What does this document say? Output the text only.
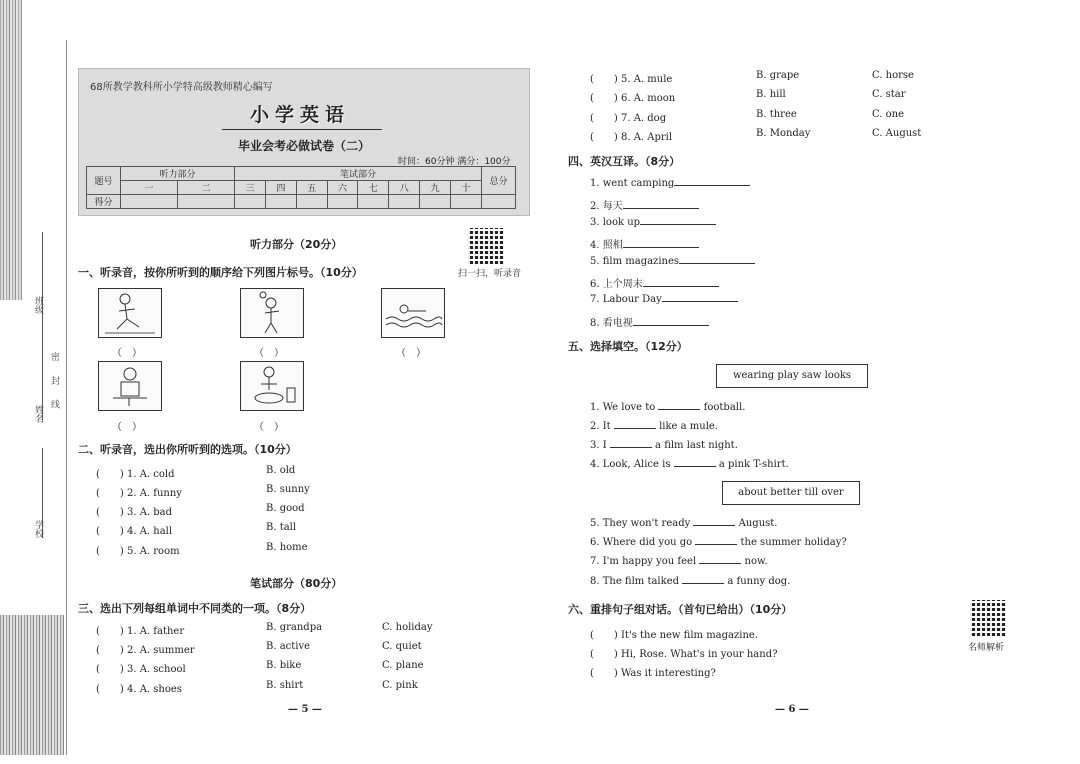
班级
密 封 线
姓名
学校
68所教学教科所小学特高级教师精心编写
小学英语
毕业会考必做试卷（二）
时间：60分钟 满分：100分
题号	听力部分		笔试部分								总分
	一	二	三	四	五	六	七	八	九	十	
得分											
听力部分（20分）
扫一扫，听录音
一、听录音，按你所听到的顺序给下列图片标号。（10分）
（　）	（　）	（　）
（　）	（　）
二、听录音，选出你所听到的选项。（10分）
(　　) 1. A. cold	B. old
(　　) 2. A. funny	B. sunny
(　　) 3. A. bad	B. good
(　　) 4. A. hall	B. tall
(　　) 5. A. room	B. home
笔试部分（80分）
三、选出下列每组单词中不同类的一项。（8分）
(　　) 1. A. father	B. grandpa	C. holiday
(　　) 2. A. summer	B. active	C. quiet
(　　) 3. A. school	B. bike	C. plane
(　　) 4. A. shoes	B. shirt	C. pink
— 5 —
(　　) 5. A. mule	B. grape	C. horse
(　　) 6. A. moon	B. hill	C. star
(　　) 7. A. dog	B. three	C. one
(　　) 8. A. April	B. Monday	C. August
四、英汉互译。（8分）
1. went camping
2. 每天
3. look up
4. 照相
5. film magazines
6. 上个周末
7. Labour Day
8. 看电视
五、选择填空。（12分）
wearing play saw looks
1. We love to	football.
2. It	like a mule.
3. I	a film last night.
4. Look, Alice is	a pink T-shirt.
about better till over
5. They won't ready	August.
6. Where did you go	the summer holiday?
7. I'm happy you feel	now.
8. The film talked	a funny dog.
六、重排句子组对话。（首句已给出）（10分）
(　　) It's the new film magazine.
(　　) Hi, Rose. What's in your hand?
(　　) Was it interesting?
名师解析
— 6 —
